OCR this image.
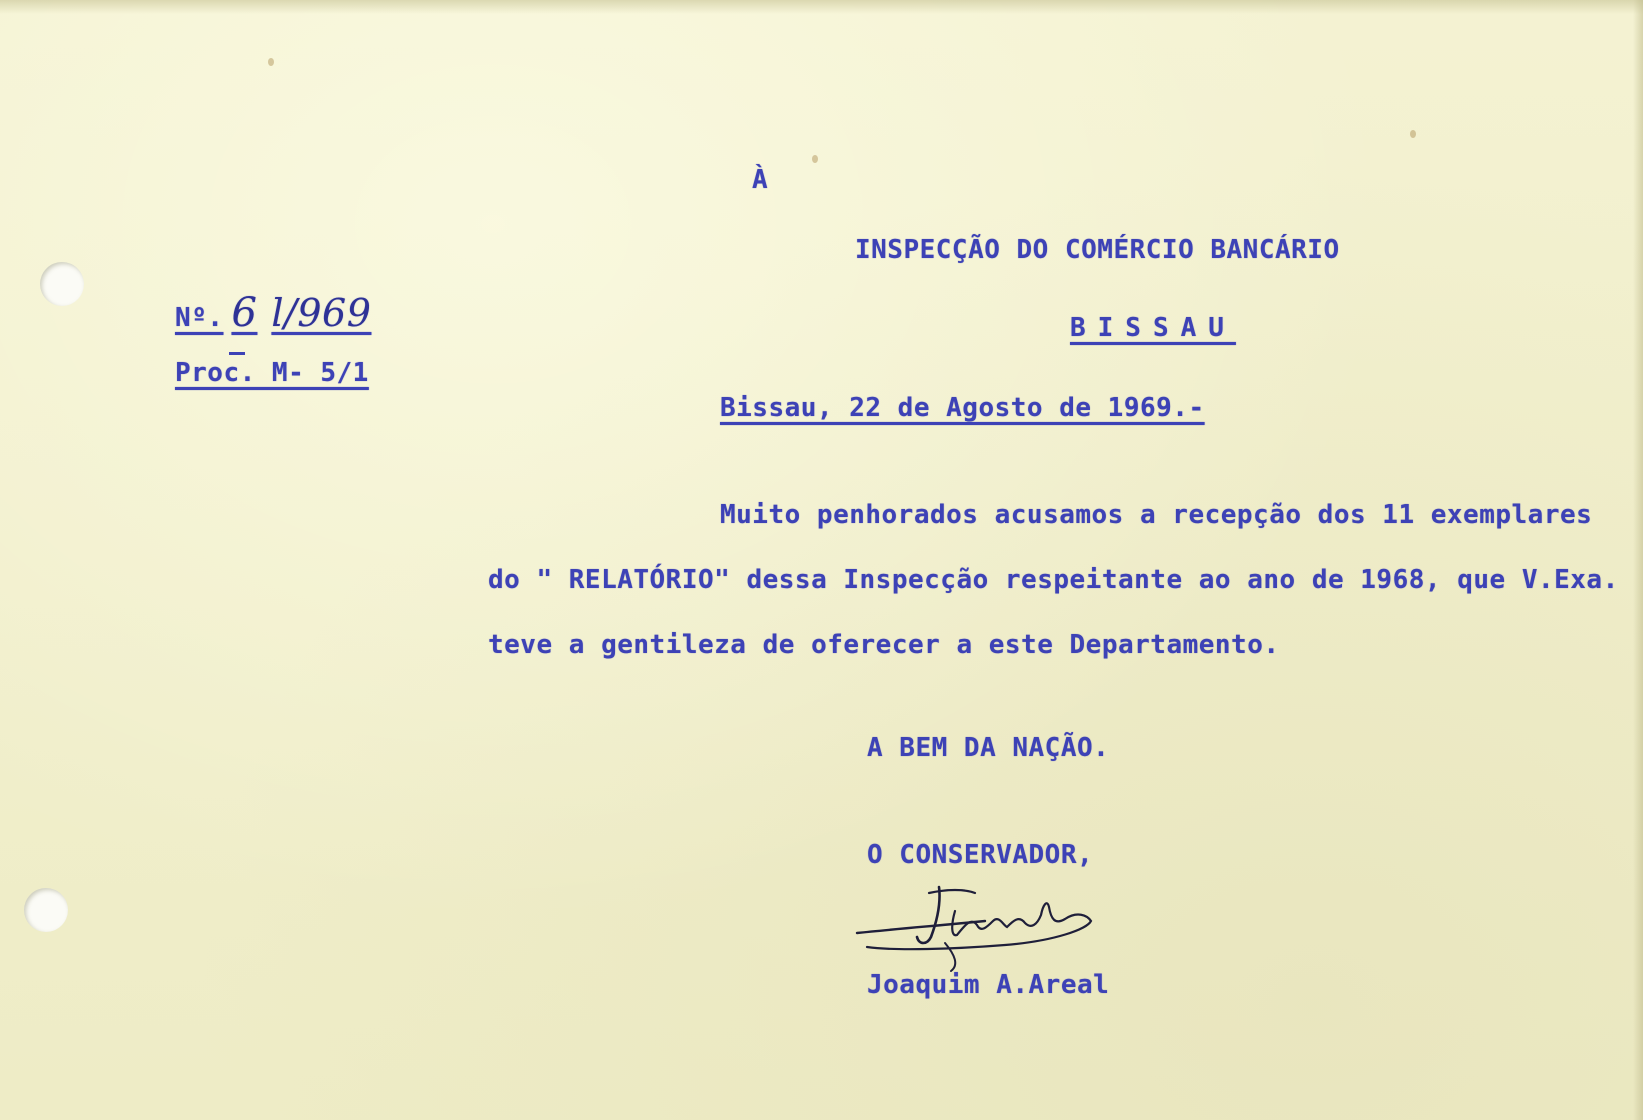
À
INSPECÇÃO DO COMÉRCIO BANCÁRIO
BISSAU
Nº. 6 l/969
Proc. M- 5/1
Bissau, 22 de Agosto de 1969.-
Muito penhorados acusamos a recepção dos 11 exemplares
do " RELATÓRIO" dessa Inspecção respeitante ao ano de 1968, que V.Exa.
teve a gentileza de oferecer a este Departamento.
A BEM DA NAÇÃO.
O CONSERVADOR,
Joaquim A.Areal
